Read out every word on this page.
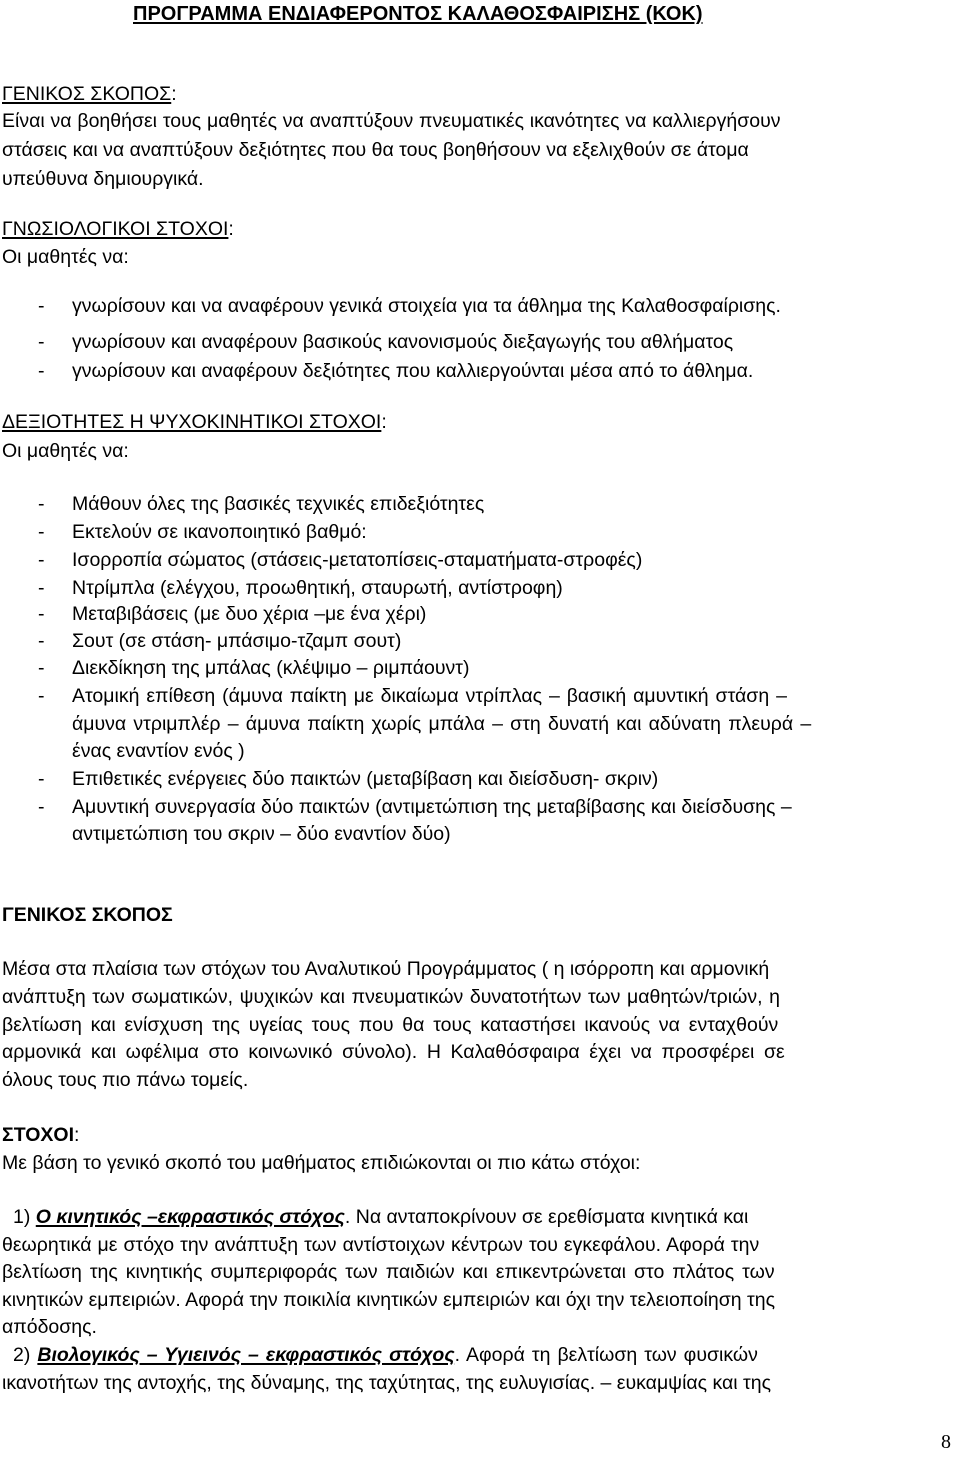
ΠΡΟΓΡΑΜΜΑ ΕΝΔΙΑΦΕΡΟΝΤΟΣ ΚΑΛΑΘΟΣΦΑΙΡΙΣΗΣ (ΚΟΚ)
ΓΕΝΙΚΟΣ ΣΚΟΠΟΣ:
Είναι να βοηθήσει τους μαθητές να αναπτύξουν πνευματικές ικανότητες να καλλιεργήσουν
στάσεις και να αναπτύξουν δεξιότητες που θα τους βοηθήσουν να εξελιχθούν σε άτομα
υπεύθυνα δημιουργικά.
ΓΝΩΣΙΟΛΟΓΙΚΟΙ ΣΤΟΧΟΙ:
Οι μαθητές να:
- γνωρίσουν και να αναφέρουν γενικά στοιχεία για τα άθλημα της Καλαθοσφαίρισης.
- γνωρίσουν και αναφέρουν βασικούς κανονισμούς διεξαγωγής του αθλήματος
- γνωρίσουν και αναφέρουν δεξιότητες που καλλιεργούνται μέσα από το άθλημα.
ΔΕΞΙΟΤΗΤΕΣ Η ΨΥΧΟΚΙΝΗΤΙΚΟΙ ΣΤΟΧΟΙ:
Οι μαθητές να:
- Μάθουν όλες της βασικές τεχνικές επιδεξιότητες
- Εκτελούν σε ικανοποιητικό βαθμό:
- Ισορροπία σώματος (στάσεις-μετατοπίσεις-σταματήματα-στροφές)
- Ντρίμπλα (ελέγχου, προωθητική, σταυρωτή, αντίστροφη)
- Μεταβιβάσεις (με δυο χέρια –με ένα χέρι)
- Σουτ (σε στάση- μπάσιμο-τζαμπ σουτ)
- Διεκδίκηση της μπάλας (κλέψιμο – ριμπάουντ)
- Ατομική επίθεση (άμυνα παίκτη με δικαίωμα ντρίπλας – βασική αμυντική στάση –
άμυνα ντριμπλέρ – άμυνα παίκτη χωρίς μπάλα – στη δυνατή και αδύνατη πλευρά –
ένας εναντίον ενός )
- Επιθετικές ενέργειες δύο παικτών (μεταβίβαση και διείσδυση- σκριν)
- Αμυντική συνεργασία δύο παικτών (αντιμετώπιση της μεταβίβασης και διείσδυσης –
αντιμετώπιση του σκριν – δύο εναντίον δύο)
ΓΕΝΙΚΟΣ ΣΚΟΠΟΣ
Μέσα στα πλαίσια των στόχων του Αναλυτικού Προγράμματος ( η ισόρροπη και αρμονική
ανάπτυξη των σωματικών, ψυχικών και πνευματικών δυνατοτήτων των μαθητών/τριών, η
βελτίωση και ενίσχυση της υγείας τους που θα τους καταστήσει ικανούς να ενταχθούν
αρμονικά και ωφέλιμα στο κοινωνικό σύνολο). Η Καλαθόσφαιρα έχει να προσφέρει σε
όλους τους πιο πάνω τομείς.
ΣΤΟΧΟΙ:
Με βάση το γενικό σκοπό του μαθήματος επιδιώκονται οι πιο κάτω στόχοι:
1) Ο κινητικός –εκφραστικός στόχος. Να ανταποκρίνουν σε ερεθίσματα κινητικά και
θεωρητικά με στόχο την ανάπτυξη των αντίστοιχων κέντρων του εγκεφάλου. Αφορά την
βελτίωση της κινητικής συμπεριφοράς των παιδιών και επικεντρώνεται στο πλάτος των
κινητικών εμπειριών. Αφορά την ποικιλία κινητικών εμπειριών και όχι την τελειοποίηση της
απόδοσης.
2) Βιολογικός – Υγιεινός – εκφραστικός στόχος. Αφορά τη βελτίωση των φυσικών
ικανοτήτων της αντοχής, της δύναμης, της ταχύτητας, της ευλυγισίας. – ευκαμψίας και της
8
